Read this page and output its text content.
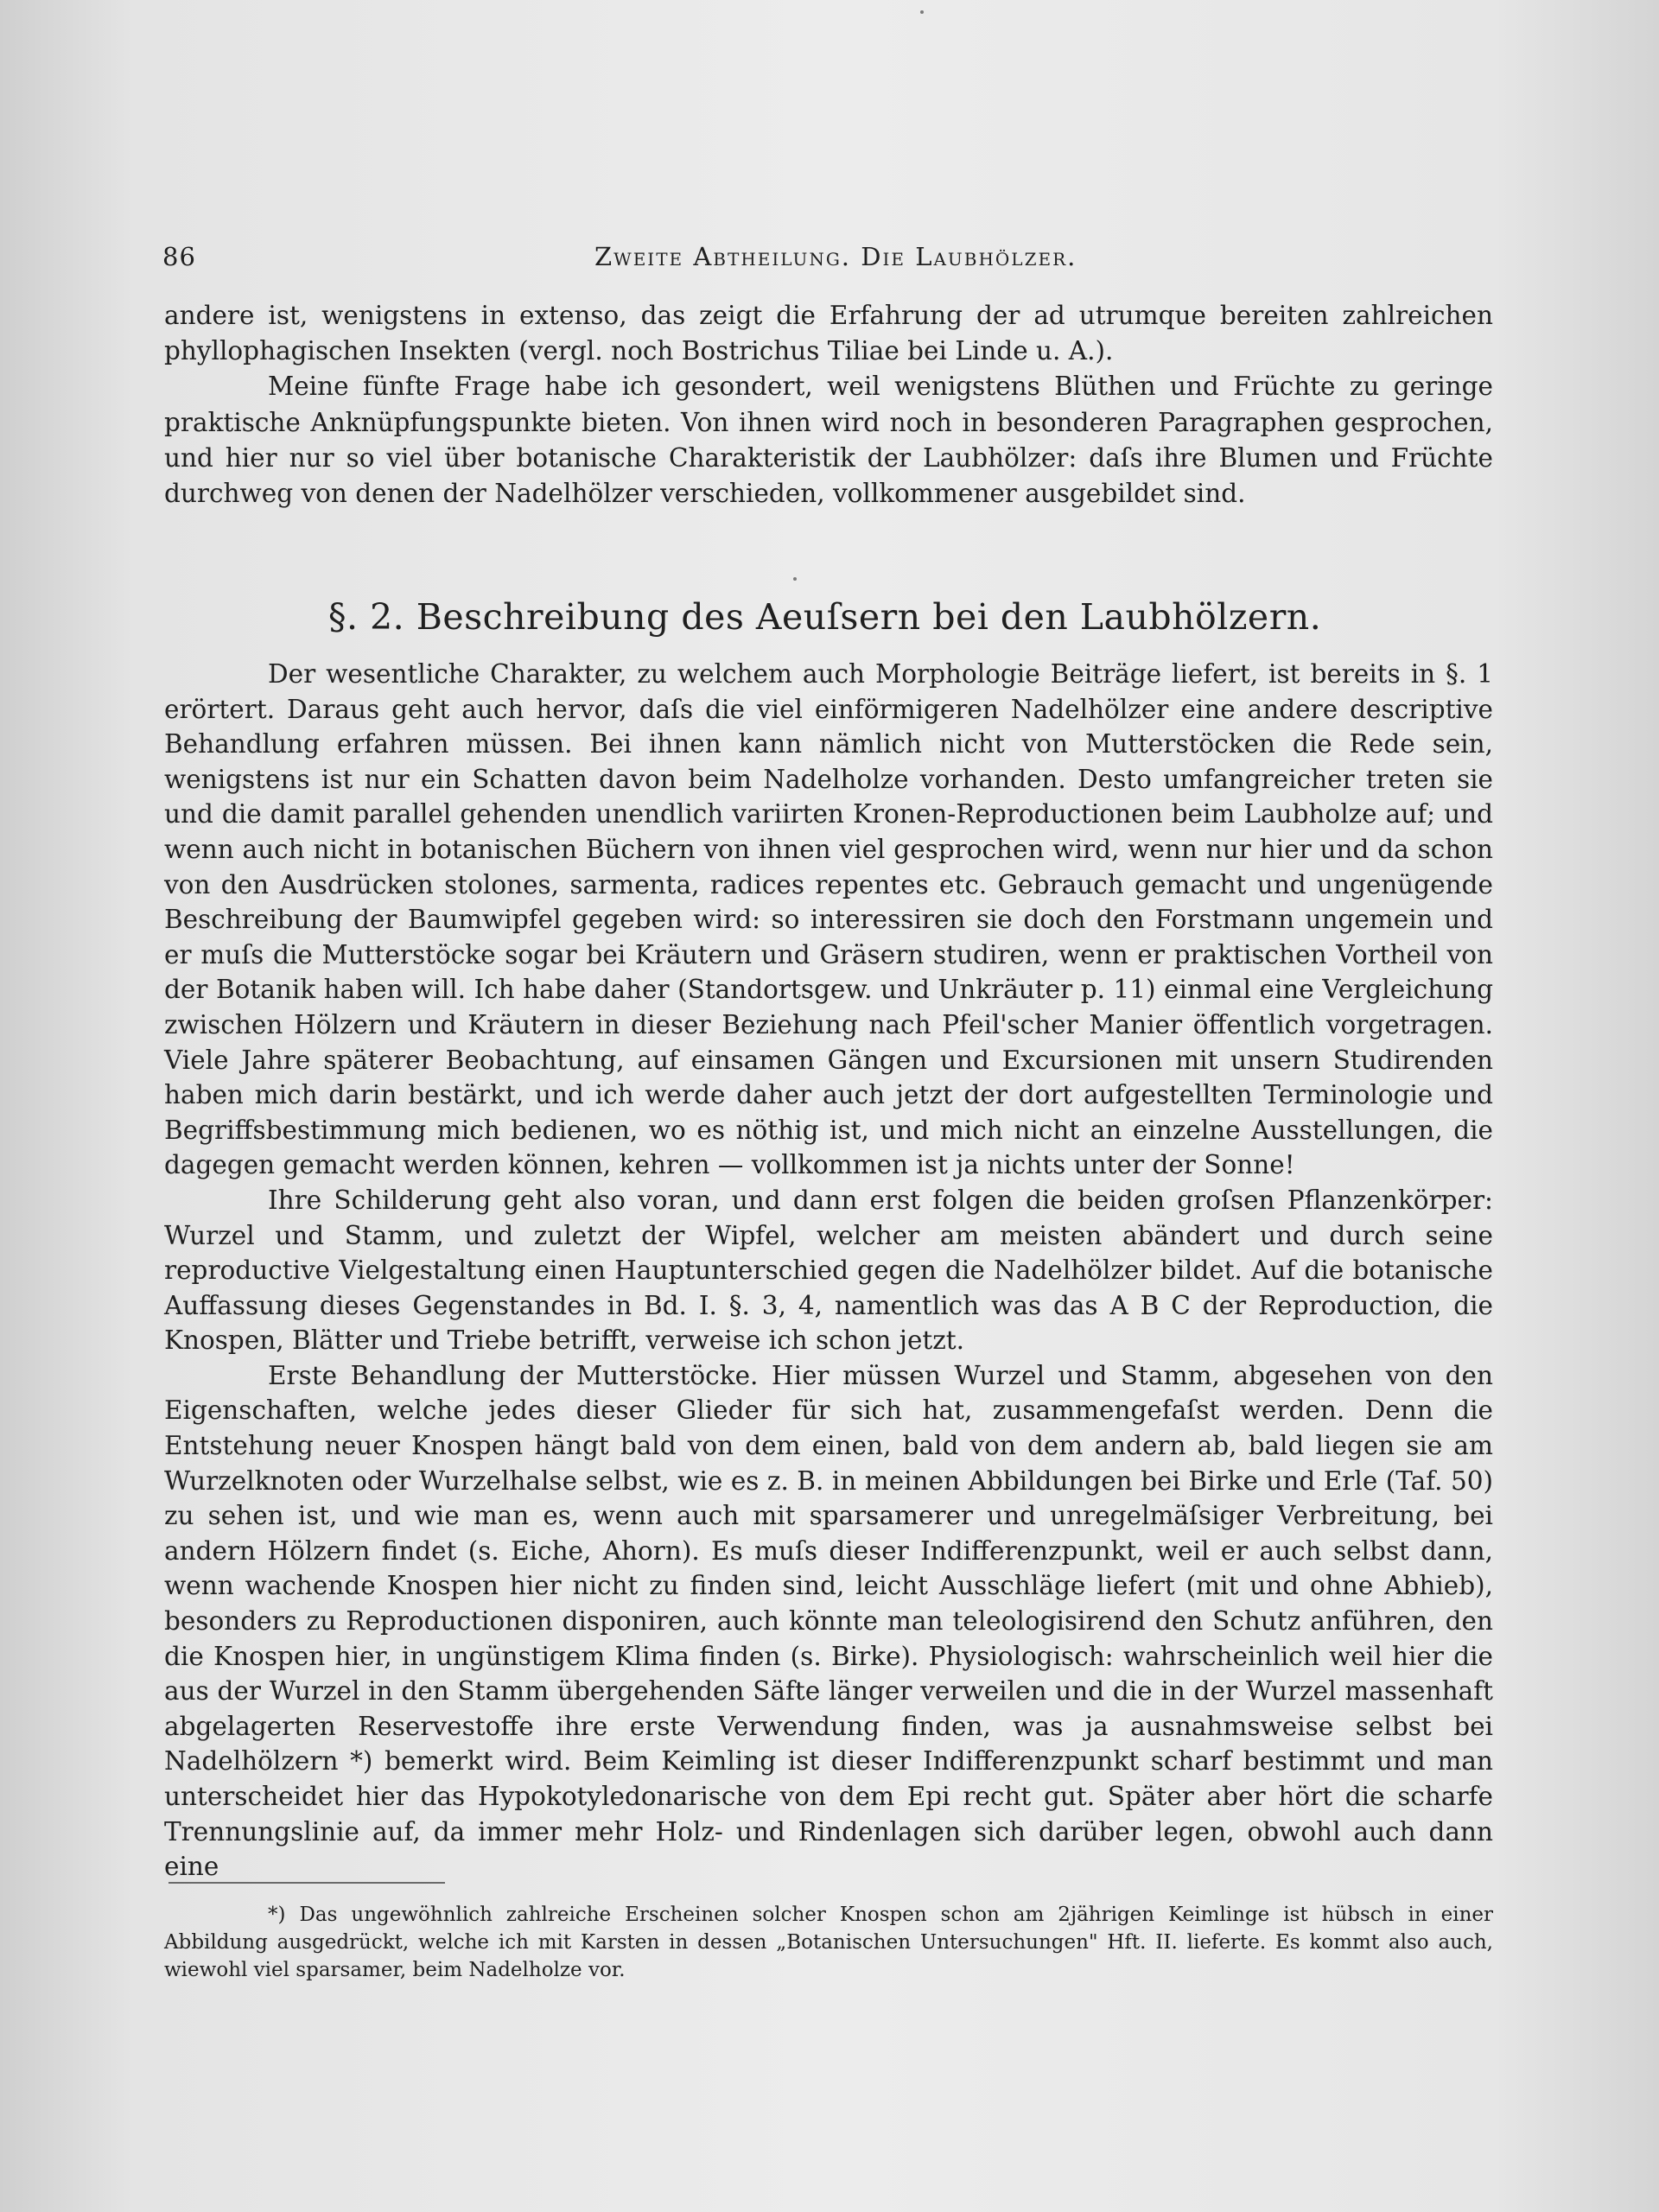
86	Zweite Abtheilung. Die Laubhölzer.

andere ist, wenigstens in extenso, das zeigt die Erfahrung der ad utrumque bereiten zahlreichen phyllophagischen Insekten (vergl. noch Bostrichus Tiliae bei Linde u. A.).

Meine fünfte Frage habe ich gesondert, weil wenigstens Blüthen und Früchte zu geringe praktische Anknüpfungspunkte bieten. Von ihnen wird noch in besonderen Paragraphen gesprochen, und hier nur so viel über botanische Charakteristik der Laubhölzer: daſs ihre Blumen und Früchte durchweg von denen der Nadelhölzer verschieden, vollkommener ausgebildet sind.

§. 2. Beschreibung des Aeuſsern bei den Laubhölzern.

Der wesentliche Charakter, zu welchem auch Morphologie Beiträge liefert, ist bereits in §. 1 erörtert. Daraus geht auch hervor, daſs die viel einförmigeren Nadelhölzer eine andere descriptive Behandlung erfahren müssen. Bei ihnen kann nämlich nicht von Mutterstöcken die Rede sein, wenigstens ist nur ein Schatten davon beim Nadelholze vorhanden. Desto umfangreicher treten sie und die damit parallel gehenden unendlich variirten Kronen-Reproductionen beim Laubholze auf; und wenn auch nicht in botanischen Büchern von ihnen viel gesprochen wird, wenn nur hier und da schon von den Ausdrücken stolones, sarmenta, radices repentes etc. Gebrauch gemacht und ungenügende Beschreibung der Baumwipfel gegeben wird: so interessiren sie doch den Forstmann ungemein und er muſs die Mutterstöcke sogar bei Kräutern und Gräsern studiren, wenn er praktischen Vortheil von der Botanik haben will. Ich habe daher (Standortsgew. und Unkräuter p. 11) einmal eine Vergleichung zwischen Hölzern und Kräutern in dieser Beziehung nach Pfeil'scher Manier öffentlich vorgetragen. Viele Jahre späterer Beobachtung, auf einsamen Gängen und Excursionen mit unsern Studirenden haben mich darin bestärkt, und ich werde daher auch jetzt der dort aufgestellten Terminologie und Begriffsbestimmung mich bedienen, wo es nöthig ist, und mich nicht an einzelne Ausstellungen, die dagegen gemacht werden können, kehren — vollkommen ist ja nichts unter der Sonne!

Ihre Schilderung geht also voran, und dann erst folgen die beiden groſsen Pflanzenkörper: Wurzel und Stamm, und zuletzt der Wipfel, welcher am meisten abändert und durch seine reproductive Vielgestaltung einen Hauptunterschied gegen die Nadelhölzer bildet. Auf die botanische Auffassung dieses Gegenstandes in Bd. I. §. 3, 4, namentlich was das A B C der Reproduction, die Knospen, Blätter und Triebe betrifft, verweise ich schon jetzt.

Erste Behandlung der Mutterstöcke. Hier müssen Wurzel und Stamm, abgesehen von den Eigenschaften, welche jedes dieser Glieder für sich hat, zusammengefaſst werden. Denn die Entstehung neuer Knospen hängt bald von dem einen, bald von dem andern ab, bald liegen sie am Wurzelknoten oder Wurzelhalse selbst, wie es z. B. in meinen Abbildungen bei Birke und Erle (Taf. 50) zu sehen ist, und wie man es, wenn auch mit sparsamerer und unregelmäſsiger Verbreitung, bei andern Hölzern findet (s. Eiche, Ahorn). Es muſs dieser Indifferenzpunkt, weil er auch selbst dann, wenn wachende Knospen hier nicht zu finden sind, leicht Ausschläge liefert (mit und ohne Abhieb), besonders zu Reproductionen disponiren, auch könnte man teleologisirend den Schutz anführen, den die Knospen hier, in ungünstigem Klima finden (s. Birke). Physiologisch: wahrscheinlich weil hier die aus der Wurzel in den Stamm übergehenden Säfte länger verweilen und die in der Wurzel massenhaft abgelagerten Reservestoffe ihre erste Verwendung finden, was ja ausnahmsweise selbst bei Nadelhölzern *) bemerkt wird. Beim Keimling ist dieser Indifferenzpunkt scharf bestimmt und man unterscheidet hier das Hypokotyledonarische von dem Epi recht gut. Später aber hört die scharfe Trennungslinie auf, da immer mehr Holz- und Rindenlagen sich darüber legen, obwohl auch dann eine

*) Das ungewöhnlich zahlreiche Erscheinen solcher Knospen schon am 2jährigen Keimlinge ist hübsch in einer Abbildung ausgedrückt, welche ich mit Karsten in dessen „Botanischen Untersuchungen" Hft. II. lieferte. Es kommt also auch, wiewohl viel sparsamer, beim Nadelholze vor.
